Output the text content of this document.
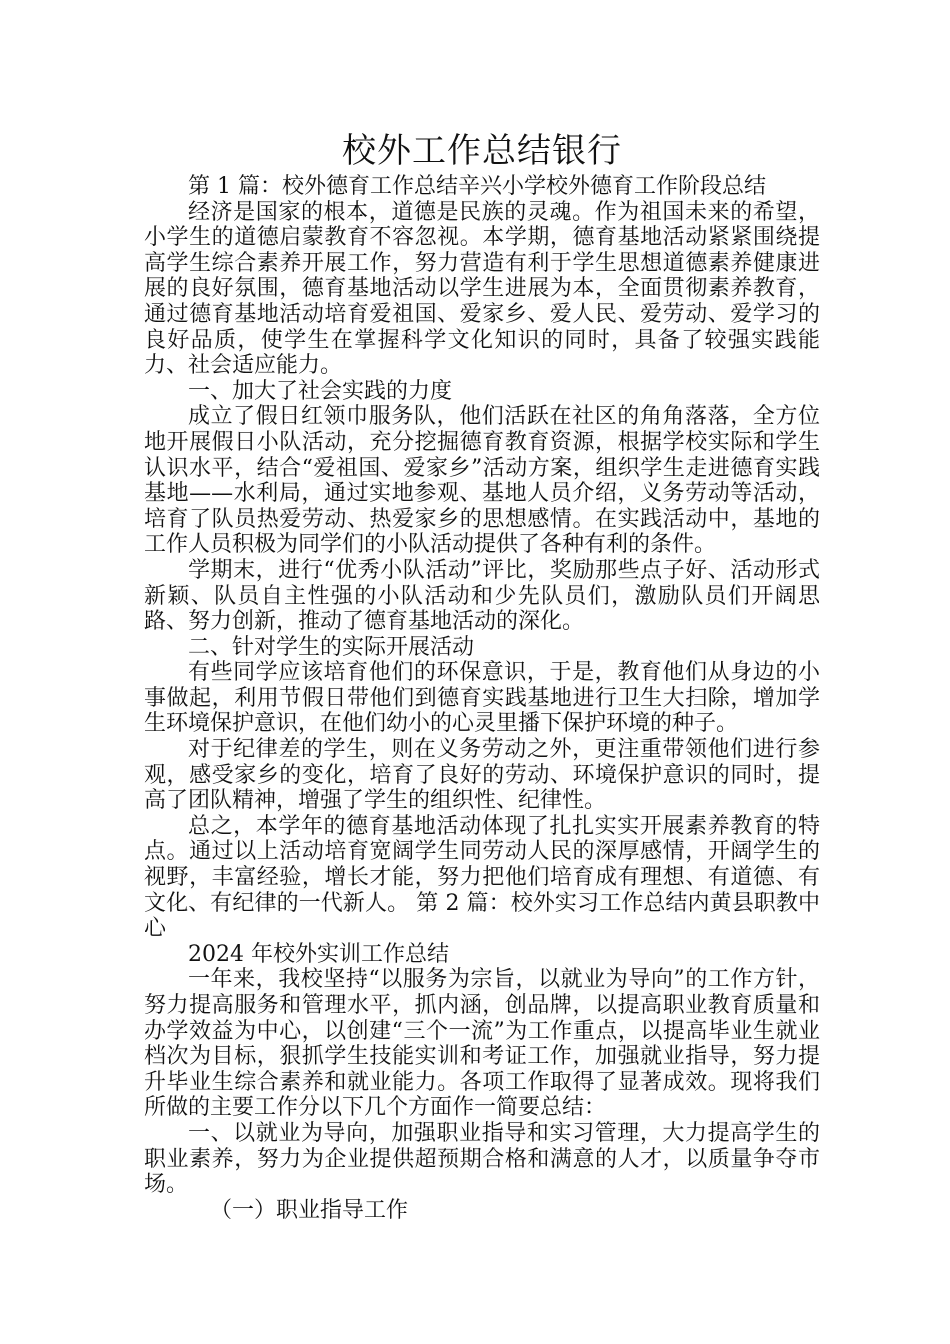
校外工作总结银行

第 1 篇：校外德育工作总结辛兴小学校外德育工作阶段总结

经济是国家的根本，道德是民族的灵魂。作为祖国未来的希望，小学生的道德启蒙教育不容忽视。本学期，德育基地活动紧紧围绕提高学生综合素养开展工作，努力营造有利于学生思想道德素养健康进展的良好氛围，德育基地活动以学生进展为本，全面贯彻素养教育，通过德育基地活动培育爱祖国、爱家乡、爱人民、爱劳动、爱学习的良好品质，使学生在掌握科学文化知识的同时，具备了较强实践能力、社会适应能力。

一、加大了社会实践的力度

成立了假日红领巾服务队，他们活跃在社区的角角落落，全方位地开展假日小队活动，充分挖掘德育教育资源，根据学校实际和学生认识水平，结合“爱祖国、爱家乡”活动方案，组织学生走进德育实践基地——水利局，通过实地参观、基地人员介绍，义务劳动等活动，培育了队员热爱劳动、热爱家乡的思想感情。在实践活动中，基地的工作人员积极为同学们的小队活动提供了各种有利的条件。

学期末，进行“优秀小队活动”评比，奖励那些点子好、活动形式新颖、队员自主性强的小队活动和少先队员们，激励队员们开阔思路、努力创新，推动了德育基地活动的深化。

二、针对学生的实际开展活动

有些同学应该培育他们的环保意识，于是，教育他们从身边的小事做起，利用节假日带他们到德育实践基地进行卫生大扫除，增加学生环境保护意识，在他们幼小的心灵里播下保护环境的种子。

对于纪律差的学生，则在义务劳动之外，更注重带领他们进行参观，感受家乡的变化，培育了良好的劳动、环境保护意识的同时，提高了团队精神，增强了学生的组织性、纪律性。

总之，本学年的德育基地活动体现了扎扎实实开展素养教育的特点。通过以上活动培育宽阔学生同劳动人民的深厚感情，开阔学生的视野，丰富经验，增长才能，努力把他们培育成有理想、有道德、有文化、有纪律的一代新人。 第 2 篇：校外实习工作总结内黄县职教中心

2024 年校外实训工作总结

一年来，我校坚持“以服务为宗旨，以就业为导向”的工作方针，努力提高服务和管理水平，抓内涵，创品牌，以提高职业教育质量和办学效益为中心，以创建“三个一流”为工作重点，以提高毕业生就业档次为目标，狠抓学生技能实训和考证工作，加强就业指导，努力提升毕业生综合素养和就业能力。各项工作取得了显著成效。现将我们所做的主要工作分以下几个方面作一简要总结：

一、以就业为导向，加强职业指导和实习管理，大力提高学生的职业素养，努力为企业提供超预期合格和满意的人才，以质量争夺市场。

（一）职业指导工作
